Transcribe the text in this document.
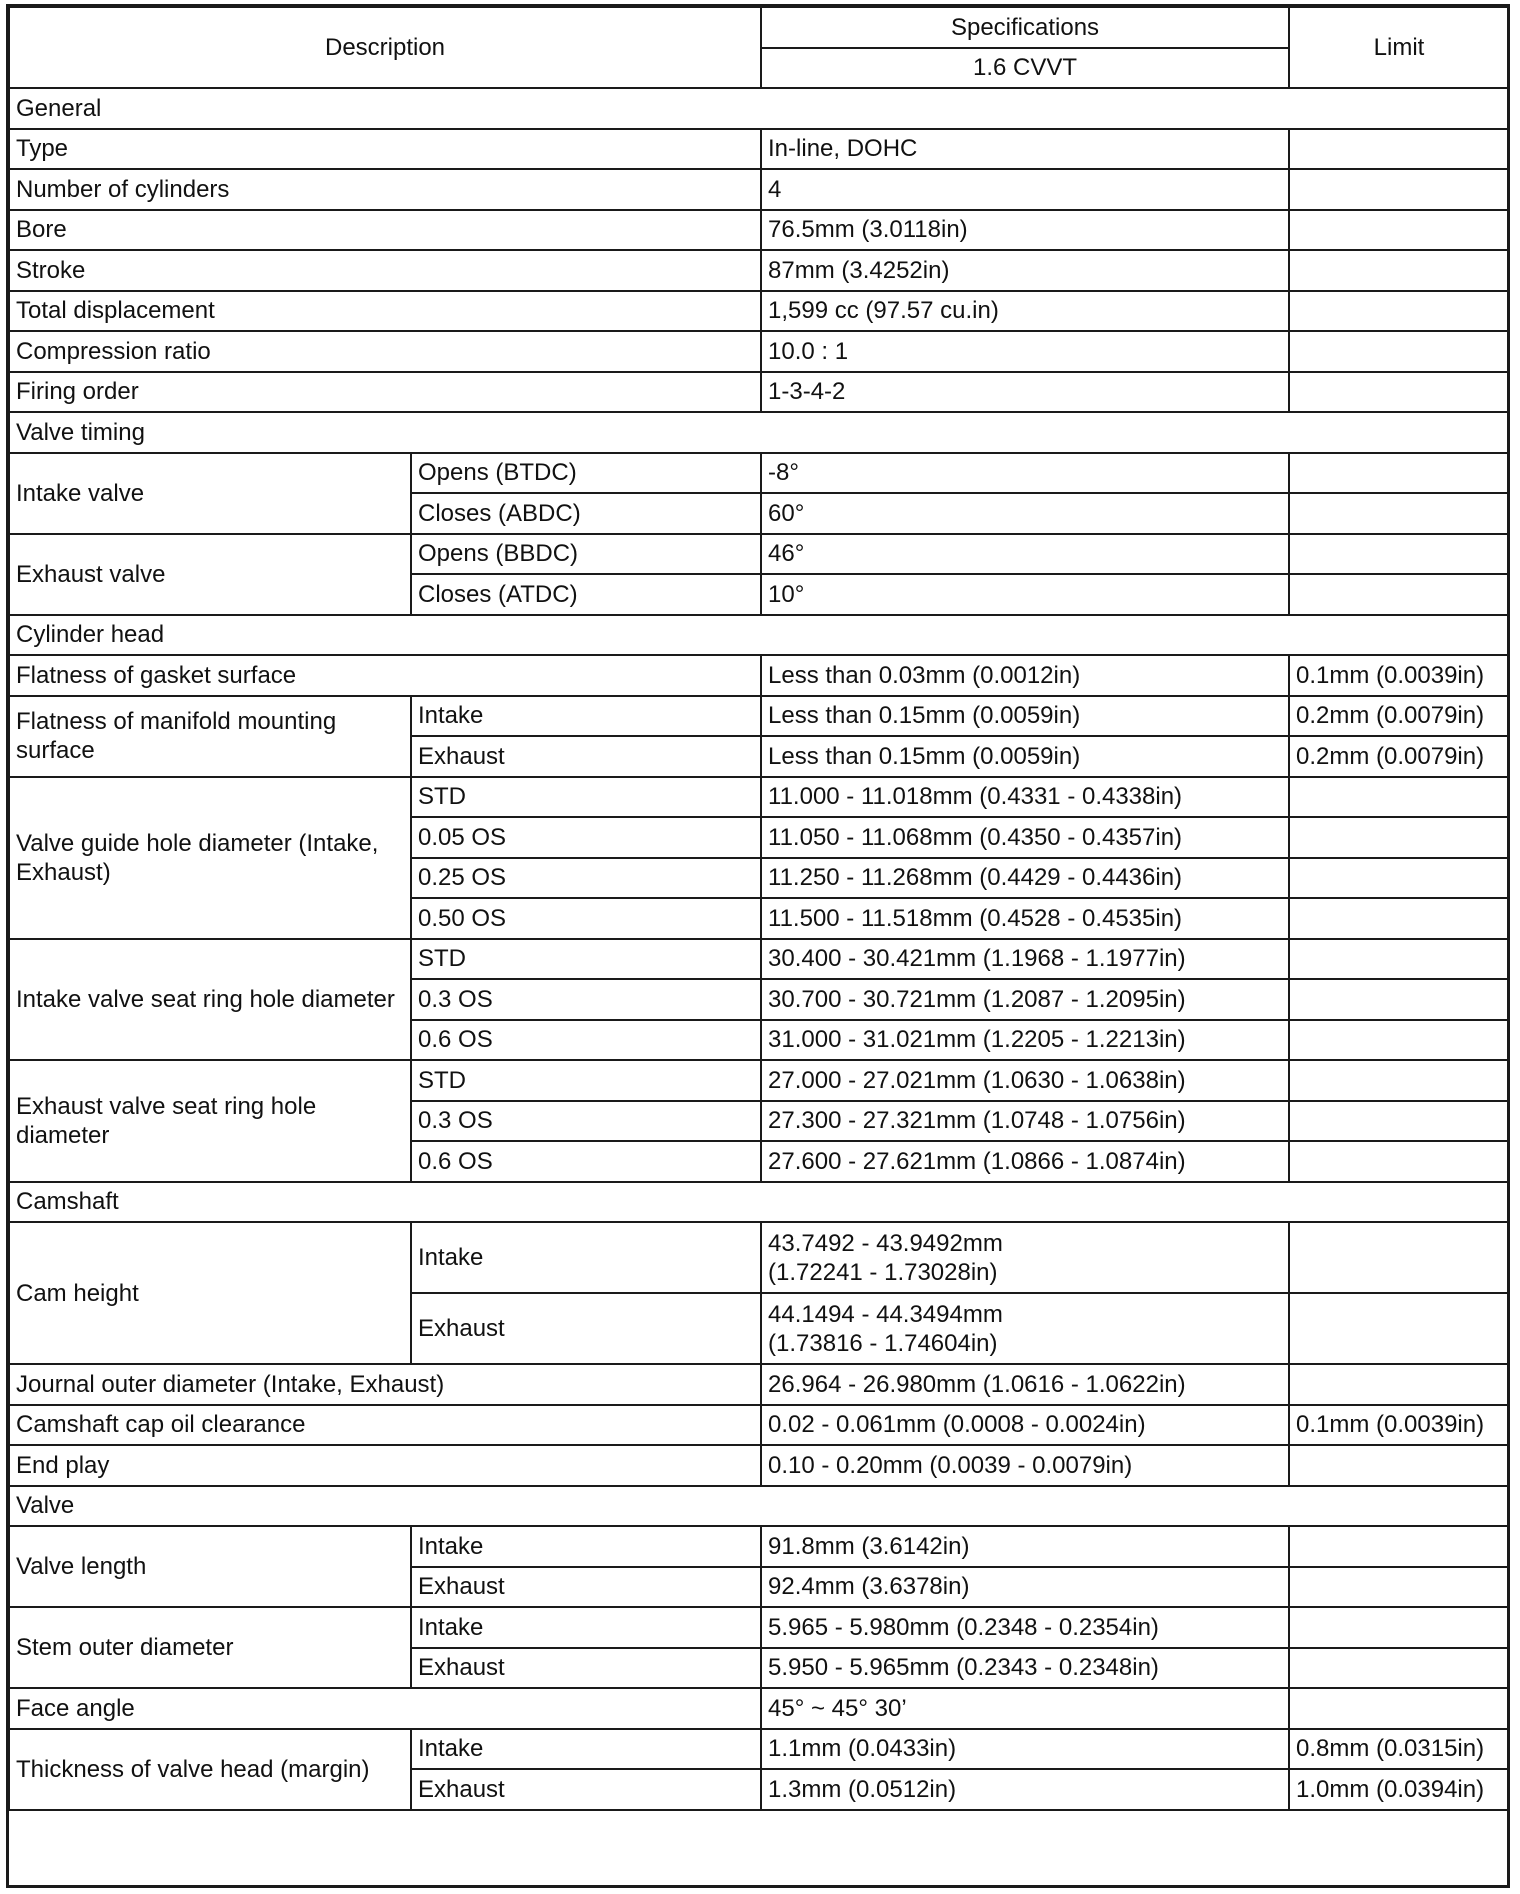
Description		Specifications	Limit
		1.6 CVVT	
General			
Type		In-line, DOHC	
Number of cylinders		4	
Bore		76.5mm (3.0118in)	
Stroke		87mm (3.4252in)	
Total displacement		1,599 cc (97.57 cu.in)	
Compression ratio		10.0 : 1	
Firing order		1-3-4-2	
Valve timing			
Intake valve	Opens (BTDC)	-8°	
	Closes (ABDC)	60°	
Exhaust valve	Opens (BBDC)	46°	
	Closes (ATDC)	10°	
Cylinder head			
Flatness of gasket surface		Less than 0.03mm (0.0012in)	0.1mm (0.0039in)
Flatness of manifold mounting surface	Intake	Less than 0.15mm (0.0059in)	0.2mm (0.0079in)
	Exhaust	Less than 0.15mm (0.0059in)	0.2mm (0.0079in)
Valve guide hole diameter (Intake, Exhaust)	STD	11.000 - 11.018mm (0.4331 - 0.4338in)	
	0.05 OS	11.050 - 11.068mm (0.4350 - 0.4357in)	
	0.25 OS	11.250 - 11.268mm (0.4429 - 0.4436in)	
	0.50 OS	11.500 - 11.518mm (0.4528 - 0.4535in)	
Intake valve seat ring hole diameter	STD	30.400 - 30.421mm (1.1968 - 1.1977in)	
	0.3 OS	30.700 - 30.721mm (1.2087 - 1.2095in)	
	0.6 OS	31.000 - 31.021mm (1.2205 - 1.2213in)	
Exhaust valve seat ring hole diameter	STD	27.000 - 27.021mm (1.0630 - 1.0638in)	
	0.3 OS	27.300 - 27.321mm (1.0748 - 1.0756in)	
	0.6 OS	27.600 - 27.621mm (1.0866 - 1.0874in)	
Camshaft			
Cam height	Intake	43.7492 - 43.9492mm
(1.72241 - 1.73028in)	

	Exhaust	44.1494 - 44.3494mm
(1.73816 - 1.74604in)	

Journal outer diameter (Intake, Exhaust)		26.964 - 26.980mm (1.0616 - 1.0622in)	
Camshaft cap oil clearance		0.02 - 0.061mm (0.0008 - 0.0024in)	0.1mm (0.0039in)
End play		0.10 - 0.20mm (0.0039 - 0.0079in)	
Valve			
Valve length	Intake	91.8mm (3.6142in)	
	Exhaust	92.4mm (3.6378in)	
Stem outer diameter	Intake	5.965 - 5.980mm (0.2348 - 0.2354in)	
	Exhaust	5.950 - 5.965mm (0.2343 - 0.2348in)	
Face angle		45° ~ 45° 30’	
Thickness of valve head (margin)	Intake	1.1mm (0.0433in)	0.8mm (0.0315in)
	Exhaust	1.3mm (0.0512in)	1.0mm (0.0394in)
